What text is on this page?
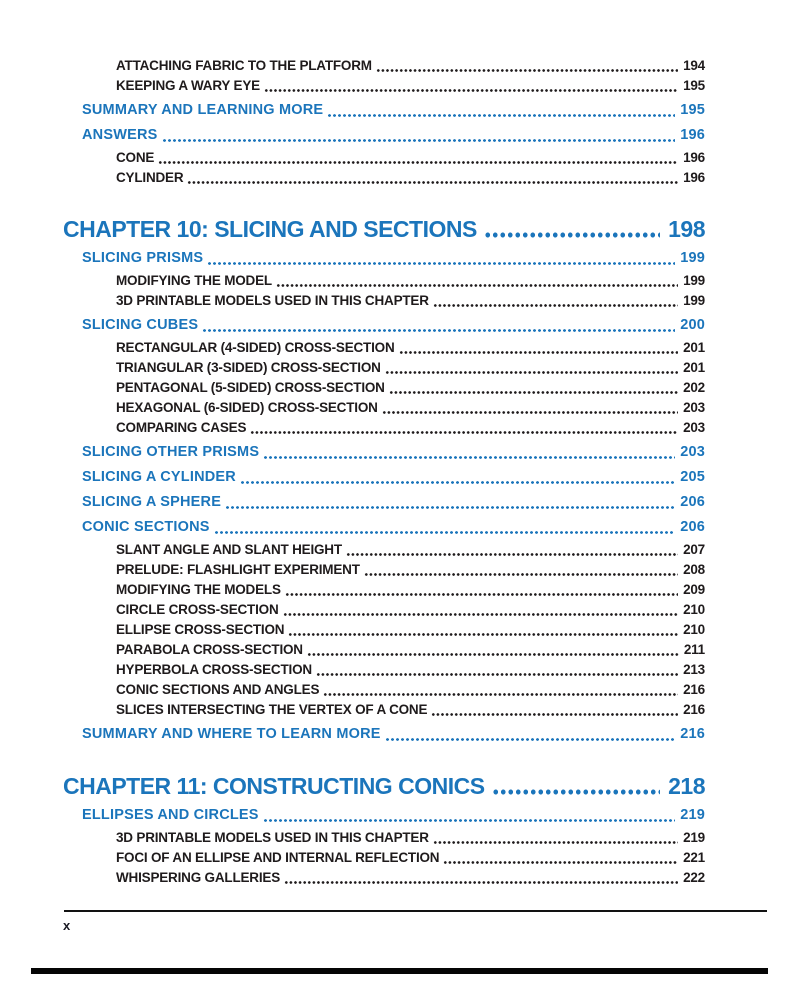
ATTACHING FABRIC TO THE PLATFORM	194
KEEPING A WARY EYE	195
SUMMARY AND LEARNING MORE	195
ANSWERS	196
CONE	196
CYLINDER	196
CHAPTER 10: SLICING AND SECTIONS	198
SLICING PRISMS	199
MODIFYING THE MODEL	199
3D PRINTABLE MODELS USED IN THIS CHAPTER	199
SLICING CUBES	200
RECTANGULAR (4-SIDED) CROSS-SECTION	201
TRIANGULAR (3-SIDED) CROSS-SECTION	201
PENTAGONAL (5-SIDED) CROSS-SECTION	202
HEXAGONAL (6-SIDED) CROSS-SECTION	203
COMPARING CASES	203
SLICING OTHER PRISMS	203
SLICING A CYLINDER	205
SLICING A SPHERE	206
CONIC SECTIONS	206
SLANT ANGLE AND SLANT HEIGHT	207
PRELUDE: FLASHLIGHT EXPERIMENT	208
MODIFYING THE MODELS	209
CIRCLE CROSS-SECTION	210
ELLIPSE CROSS-SECTION	210
PARABOLA CROSS-SECTION	211
HYPERBOLA CROSS-SECTION	213
CONIC SECTIONS AND ANGLES	216
SLICES INTERSECTING THE VERTEX OF A CONE	216
SUMMARY AND WHERE TO LEARN MORE	216
CHAPTER 11: CONSTRUCTING CONICS	218
ELLIPSES AND CIRCLES	219
3D PRINTABLE MODELS USED IN THIS CHAPTER	219
FOCI OF AN ELLIPSE AND INTERNAL REFLECTION	221
WHISPERING GALLERIES	222
x
